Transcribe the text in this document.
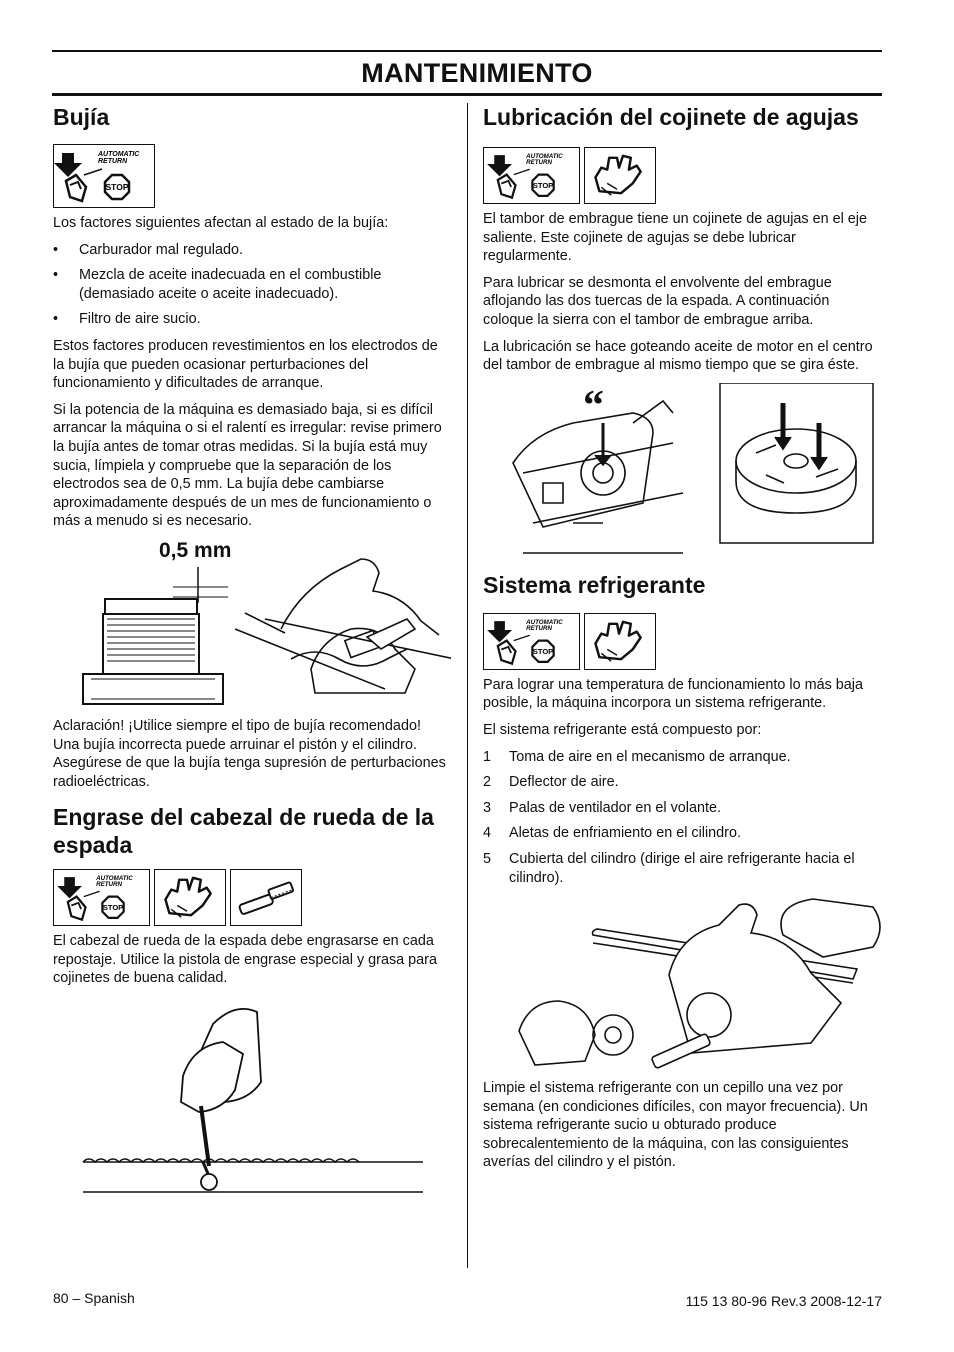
MANTENIMIENTO
Bujía

Los factores siguientes afectan al estado de la bujía:

• Carburador mal regulado.
• Mezcla de aceite inadecuada en el combustible (demasiado aceite o aceite inadecuado).
• Filtro de aire sucio.

Estos factores producen revestimientos en los electrodos de la bujía que pueden ocasionar perturbaciones del funcionamiento y dificultades de arranque.

Si la potencia de la máquina es demasiado baja, si es difícil arrancar la máquina o si el ralentí es irregular: revise primero la bujía antes de tomar otras medidas. Si la bujía está muy sucia, límpiela y compruebe que la separación de los electrodos sea de 0,5 mm. La bujía debe cambiarse aproximadamente después de un mes de funcionamiento o más a menudo si es necesario.

0,5 mm

Aclaración! ¡Utilice siempre el tipo de bujía recomendado! Una bujía incorrecta puede arruinar el pistón y el cilindro. Asegúrese de que la bujía tenga supresión de perturbaciones radioeléctricas.

Engrase del cabezal de rueda de la espada

El cabezal de rueda de la espada debe engrasarse en cada repostaje. Utilice la pistola de engrase especial y grasa para cojinetes de buena calidad.

Lubricación del cojinete de agujas

El tambor de embrague tiene un cojinete de agujas en el eje saliente. Este cojinete de agujas se debe lubricar regularmente.

Para lubricar se desmonta el envolvente del embrague aflojando las dos tuercas de la espada. A continuación coloque la sierra con el tambor de embrague arriba.

La lubricación se hace goteando aceite de motor en el centro del tambor de embrague al mismo tiempo que se gira éste.

“
Sistema refrigerante

Para lograr una temperatura de funcionamiento lo más baja posible, la máquina incorpora un sistema refrigerante.

El sistema refrigerante está compuesto por:

1 Toma de aire en el mecanismo de arranque.
2 Deflector de aire.
3 Palas de ventilador en el volante.
4 Aletas de enfriamiento en el cilindro.
5 Cubierta del cilindro (dirige el aire refrigerante hacia el cilindro).

Limpie el sistema refrigerante con un cepillo una vez por semana (en condiciones difíciles, con mayor frecuencia). Un sistema refrigerante sucio u obturado produce sobrecalentemiento de la máquina, con las consiguientes averías del cilindro y el pistón.

80 – Spanish	115 13 80-96 Rev.3 2008-12-17
